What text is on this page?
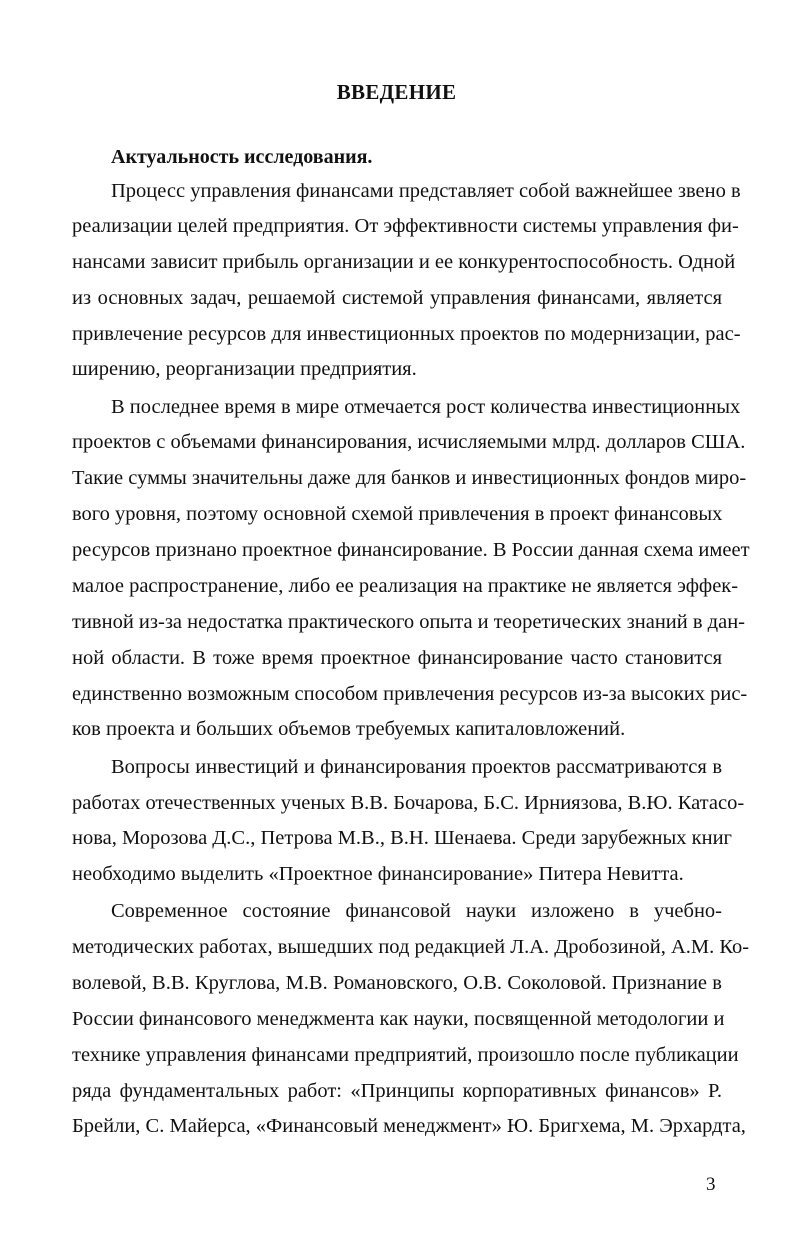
ВВЕДЕНИЕ
Актуальность исследования.
Процесс управления финансами представляет собой важнейшее звено в
реализации целей предприятия. От эффективности системы управления фи-
нансами зависит прибыль организации и ее конкурентоспособность. Одной
из основных задач, решаемой системой управления финансами, является
привлечение ресурсов для инвестиционных проектов по модернизации, рас-
ширению, реорганизации предприятия.
В последнее время в мире отмечается рост количества инвестиционных
проектов с объемами финансирования, исчисляемыми млрд. долларов США.
Такие суммы значительны даже для банков и инвестиционных фондов миро-
вого уровня, поэтому основной схемой привлечения в проект финансовых
ресурсов признано проектное финансирование. В России данная схема имеет
малое распространение, либо ее реализация на практике не является эффек-
тивной из-за недостатка практического опыта и теоретических знаний в дан-
ной области. В тоже время проектное финансирование часто становится
единственно возможным способом привлечения ресурсов из-за высоких рис-
ков проекта и больших объемов требуемых капиталовложений.
Вопросы инвестиций и финансирования проектов рассматриваются в
работах отечественных ученых В.В. Бочарова, Б.С. Ирниязова, В.Ю. Катасо-
нова, Морозова Д.С., Петрова М.В., В.Н. Шенаева. Среди зарубежных книг
необходимо выделить «Проектное финансирование» Питера Невитта.
Современное состояние финансовой науки изложено в учебно-
методических работах, вышедших под редакцией Л.А. Дробозиной, А.М. Ко-
волевой, В.В. Круглова, М.В. Романовского, О.В. Соколовой. Признание в
России финансового менеджмента как науки, посвященной методологии и
технике управления финансами предприятий, произошло после публикации
ряда фундаментальных работ: «Принципы корпоративных финансов» Р.
Брейли, С. Майерса, «Финансовый менеджмент» Ю. Бригхема, М. Эрхардта,
3
